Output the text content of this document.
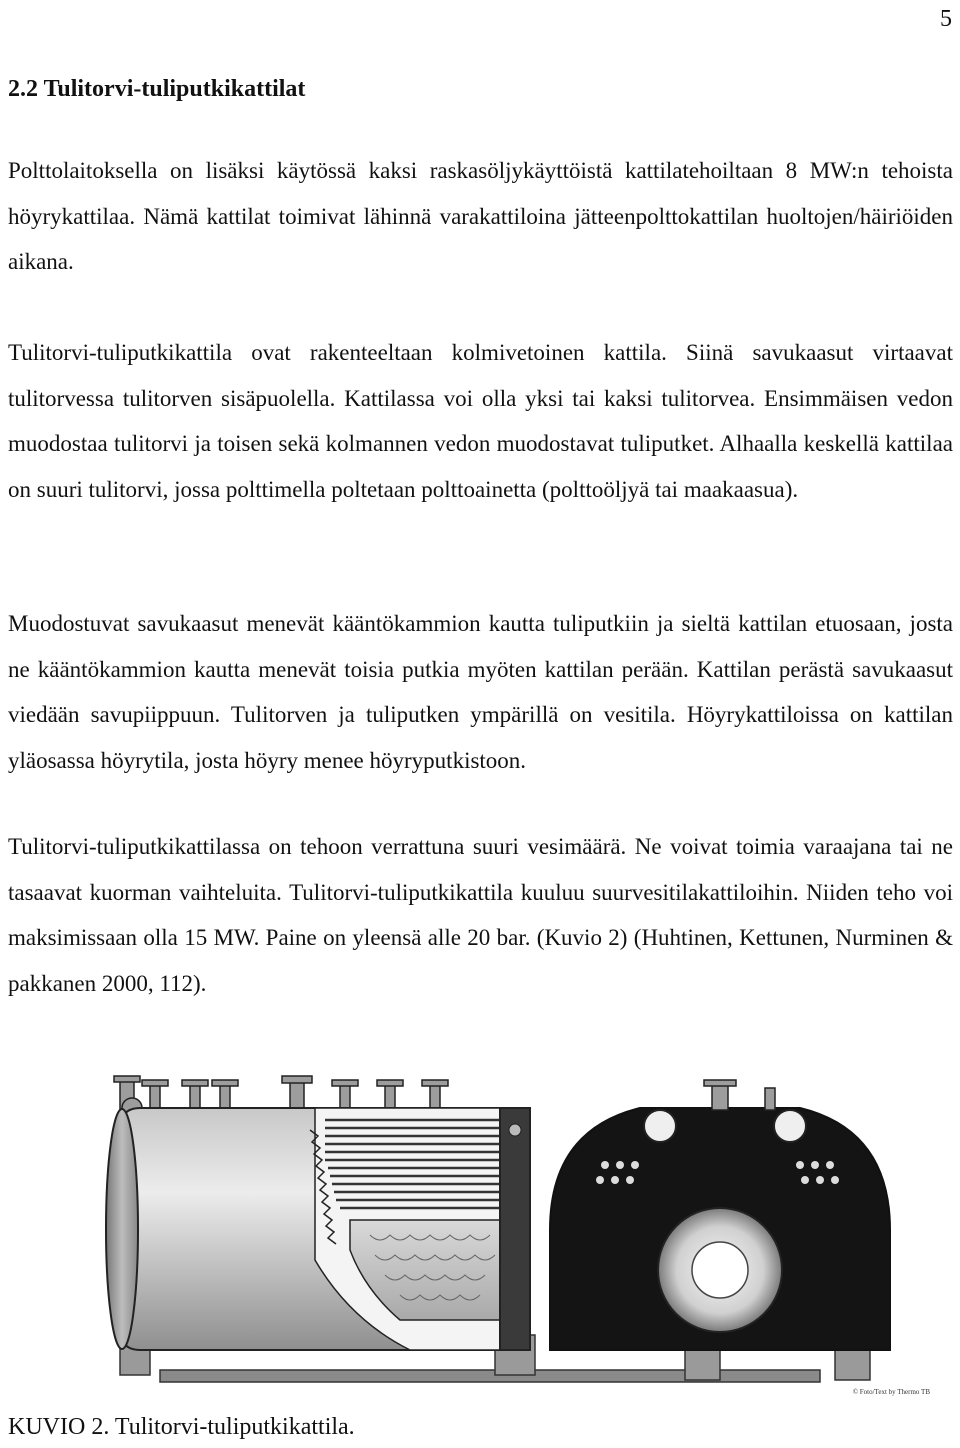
5
2.2 Tulitorvi-tuliputkikattilat

Polttolaitoksella on lisäksi käytössä kaksi raskasöljykäyttöistä kattilatehoiltaan 8 MW:n tehoista höyrykattilaa. Nämä kattilat toimivat lähinnä varakattiloina jätteenpolttokattilan huoltojen/häiriöiden aikana.

Tulitorvi-tuliputkikattila ovat rakenteeltaan kolmivetoinen kattila. Siinä savukaasut virtaavat tulitorvessa tulitorven sisäpuolella. Kattilassa voi olla yksi tai kaksi tulitorvea. Ensimmäisen vedon muodostaa tulitorvi ja toisen sekä kolmannen vedon muodostavat tuliputket. Alhaalla keskellä kattilaa on suuri tulitorvi, jossa polttimella poltetaan polttoainetta (polttoöljyä tai maakaasua).

Muodostuvat savukaasut menevät kääntökammion kautta tuliputkiin ja sieltä kattilan etuosaan, josta ne kääntökammion kautta menevät toisia putkia myöten kattilan perään. Kattilan perästä savukaasut viedään savupiippuun. Tulitorven ja tuliputken ympärillä on vesitila. Höyrykattiloissa on kattilan yläosassa höyrytila, josta höyry menee höyryputkistoon.

Tulitorvi-tuliputkikattilassa on tehoon verrattuna suuri vesimäärä. Ne voivat toimia varaajana tai ne tasaavat kuorman vaihteluita. Tulitorvi-tuliputkikattila kuuluu suurvesitilakattiloihin. Niiden teho voi maksimissaan olla 15 MW. Paine on yleensä alle 20 bar. (Kuvio 2) (Huhtinen, Kettunen, Nurminen & pakkanen 2000, 112).

© Foto/Text by Thermo TB

KUVIO 2. Tulitorvi-tuliputkikattila.
